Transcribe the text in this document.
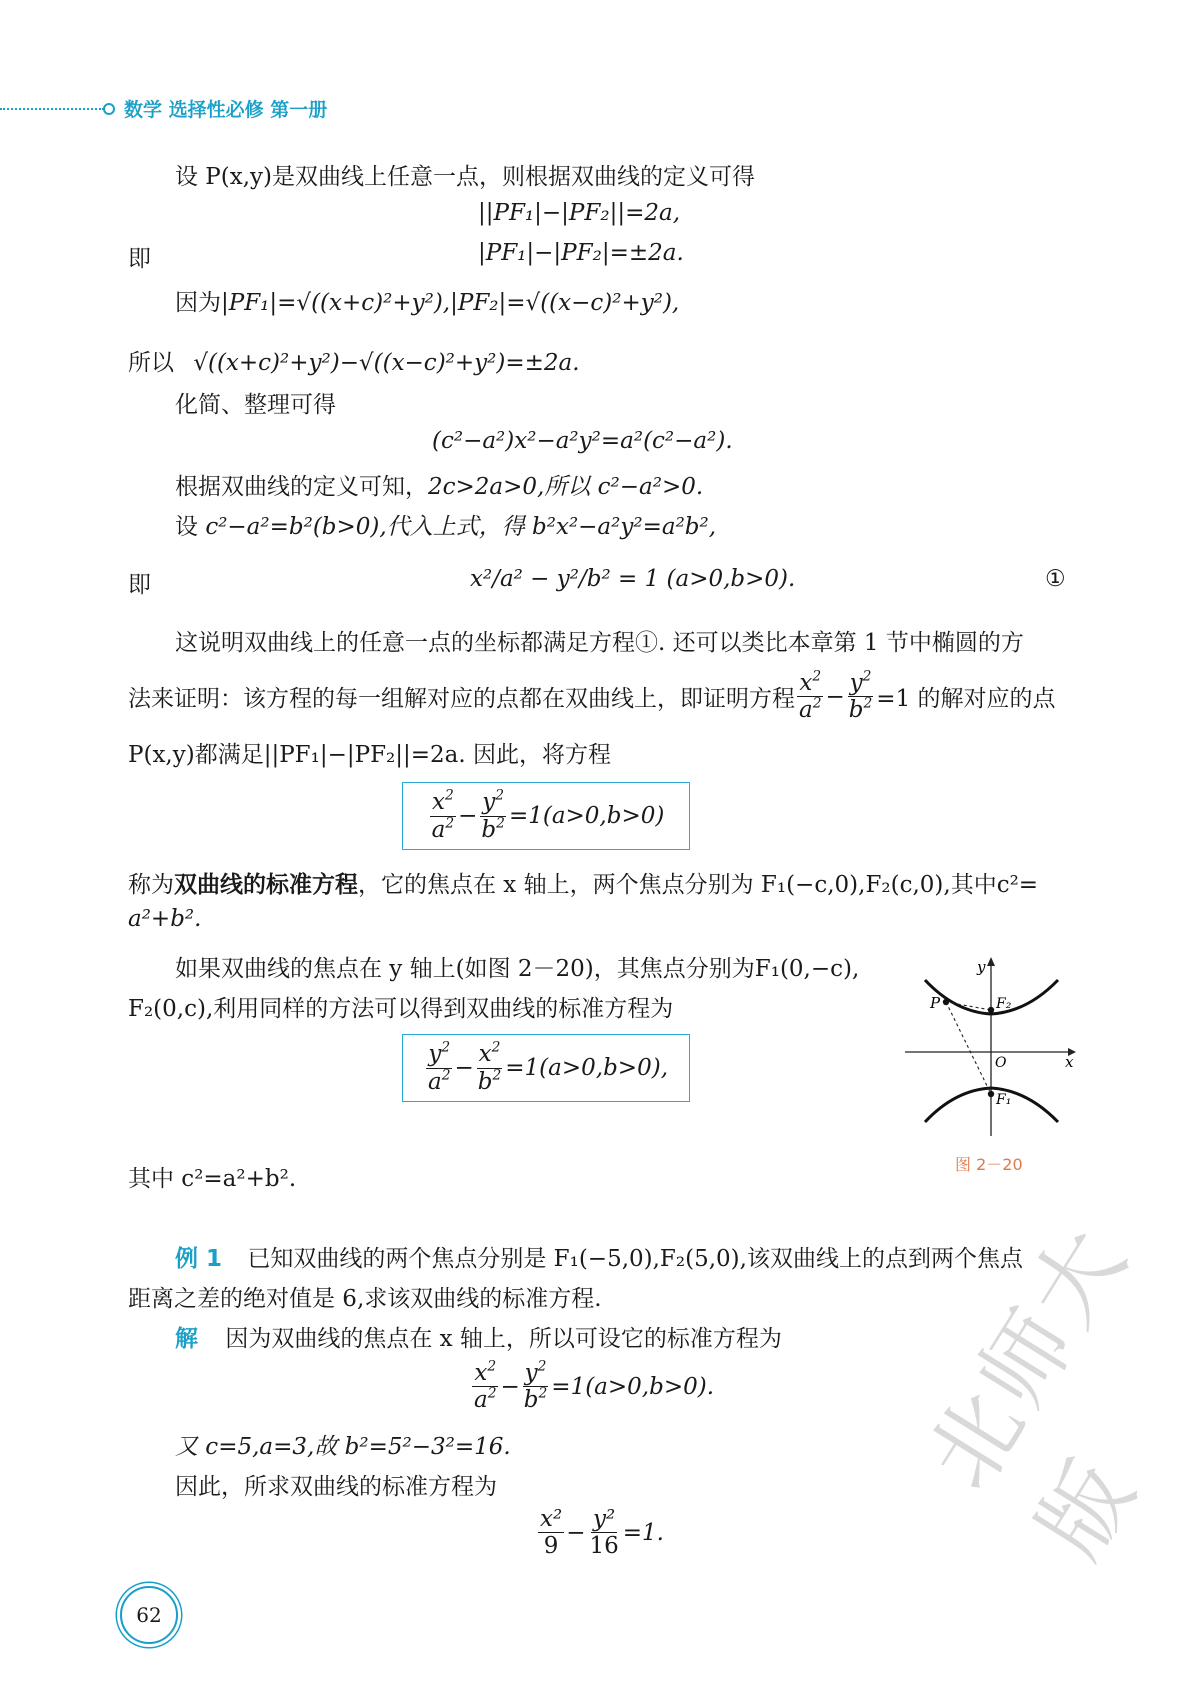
数学 选择性必修 第一册
设 P(x,y)是双曲线上任意一点，则根据双曲线的定义可得
||PF₁|−|PF₂||=2a,
即	|PF₁|−|PF₂|=±2a.
因为|PF₁|=√((x+c)²+y²),|PF₂|=√((x−c)²+y²),
所以 √((x+c)²+y²)−√((x−c)²+y²)=±2a.
化简、整理可得
(c²−a²)x²−a²y²=a²(c²−a²).
根据双曲线的定义可知，2c>2a>0,所以 c²−a²>0.
设 c²−a²=b²(b>0),代入上式，得 b²x²−a²y²=a²b²,
即	x²/a² − y²/b² = 1 (a>0,b>0).	①
这说明双曲线上的任意一点的坐标都满足方程①. 还可以类比本章第 1 节中椭圆的方
法来证明：该方程的每一组解对应的点都在双曲线上，即证明方程 $\frac{x^2}{a^2} - \frac{y^2}{b^2} =1$ 的解对应的点
P(x,y)都满足||PF₁|−|PF₂||=2a. 因此，将方程
$\frac{x^2}{a^2} - \frac{y^2}{b^2} =1(a>0,b>0)$
称为双曲线的标准方程，它的焦点在 x 轴上，两个焦点分别为 F₁(−c,0),F₂(c,0),其中c²=
a²+b².
如果双曲线的焦点在 y 轴上(如图 2－20)，其焦点分别为F₁(0,−c),
F₂(0,c),利用同样的方法可以得到双曲线的标准方程为
$\frac{y^2}{a^2} - \frac{x^2}{b^2} =1(a>0,b>0)$,
其中 c²=a²+b².
y
x
O
P	F₂
F₁
图 2－20
例 1 已知双曲线的两个焦点分别是 F₁(−5,0),F₂(5,0),该双曲线上的点到两个焦点
距离之差的绝对值是 6,求该双曲线的标准方程.
解 因为双曲线的焦点在 x 轴上，所以可设它的标准方程为
$\frac{x^2}{a^2} - \frac{y^2}{b^2} =1(a>0,b>0)$.
又 c=5,a=3,故 b²=5²−3²=16.
因此，所求双曲线的标准方程为
$\frac{\text{x²}}{9} - \frac{\text{y²}}{16} =1$.
62
北师大版
